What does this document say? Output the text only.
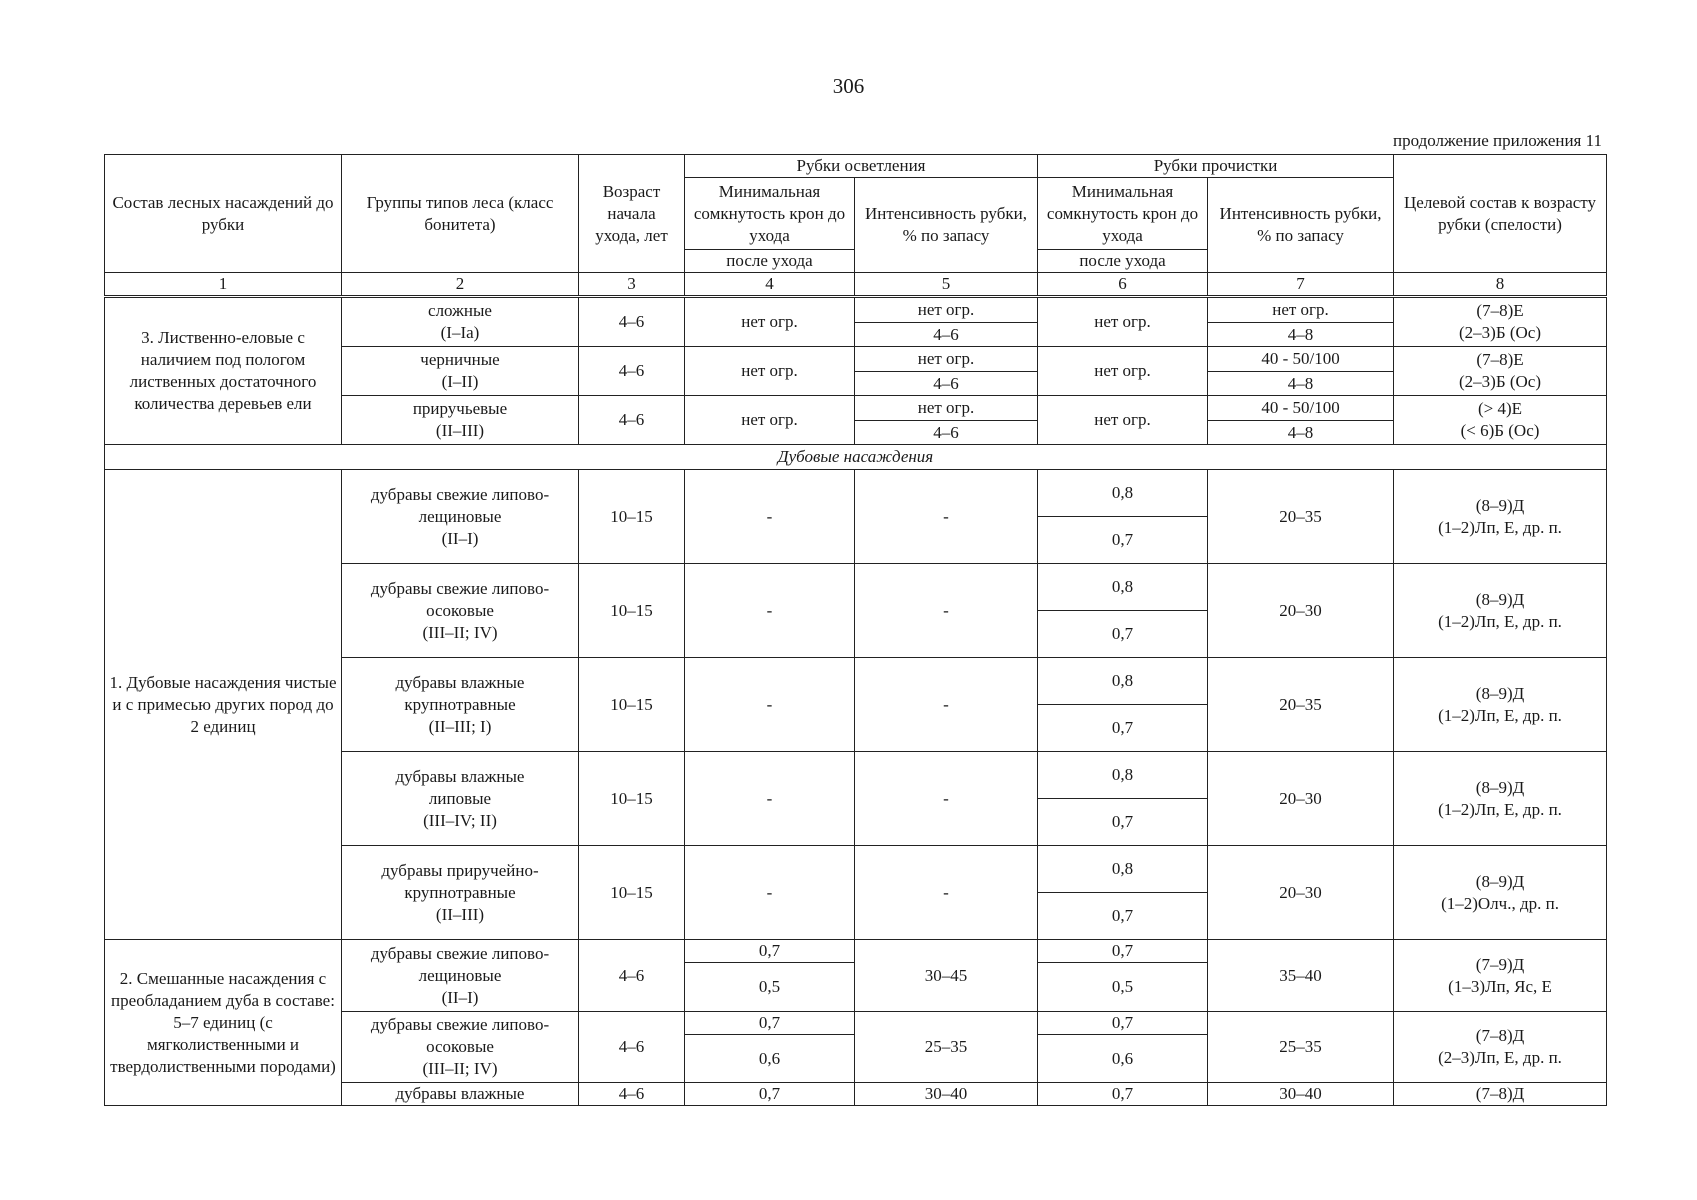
306
продолжение приложения 11
Состав лесных насаждений до рубки	Группы типов леса (класс бонитета)	Возраст начала ухода, лет	Рубки осветления		Рубки прочистки		Целевой состав к возрасту рубки (спелости)
			Минимальная сомкнутость крон до ухода	Интенсивность рубки, % по запасу	Минимальная сомкнутость крон до ухода	Интенсивность рубки, % по запасу	
			после ухода		после ухода		
1	2	3	4	5	6	7	8
3. Лиственно-еловые с наличием под пологом лиственных достаточного количества деревьев ели	сложные
(I–Ia)	4–6	нет огр.	нет огр.	нет огр.	нет огр.	(7–8)Е
(2–3)Б (Ос)
				4–6		4–8	
	черничные
(I–II)	4–6	нет огр.	нет огр.	нет огр.	40 - 50/100	(7–8)Е
(2–3)Б (Ос)
				4–6		4–8	
	приручьевые
(II–III)	4–6	нет огр.	нет огр.	нет огр.	40 - 50/100	(> 4)Е
(< 6)Б (Ос)
				4–6		4–8	
Дубовые насаждения							
1. Дубовые насаждения чистые и с примесью других пород до 2 единиц	дубравы свежие липово-
лещиновые
(II–I)	10–15	-	-	0,8	20–35	(8–9)Д
(1–2)Лп, Е, др. п.
					0,7		
	дубравы свежие липово-
осоковые
(III–II; IV)	10–15	-	-	0,8	20–30	(8–9)Д
(1–2)Лп, Е, др. п.
					0,7		
	дубравы влажные
крупнотравные
(II–III; I)	10–15	-	-	0,8	20–35	(8–9)Д
(1–2)Лп, Е, др. п.
					0,7		
	дубравы влажные
липовые
(III–IV; II)	10–15	-	-	0,8	20–30	(8–9)Д
(1–2)Лп, Е, др. п.
					0,7		
	дубравы приручейно-
крупнотравные
(II–III)	10–15	-	-	0,8	20–30	(8–9)Д
(1–2)Олч., др. п.
					0,7		
2. Смешанные насаждения с преобладанием дуба в составе: 5–7 единиц (с мягколиственными и твердолиственными породами)	дубравы свежие липово-
лещиновые
(II–I)	4–6	0,7	30–45	0,7	35–40	(7–9)Д
(1–3)Лп, Яс, Е
			0,5		0,5		
	дубравы свежие липово-
осоковые
(III–II; IV)	4–6	0,7	25–35	0,7	25–35	(7–8)Д
(2–3)Лп, Е, др. п.
			0,6		0,6		
	дубравы влажные	4–6	0,7	30–40	0,7	30–40	(7–8)Д
